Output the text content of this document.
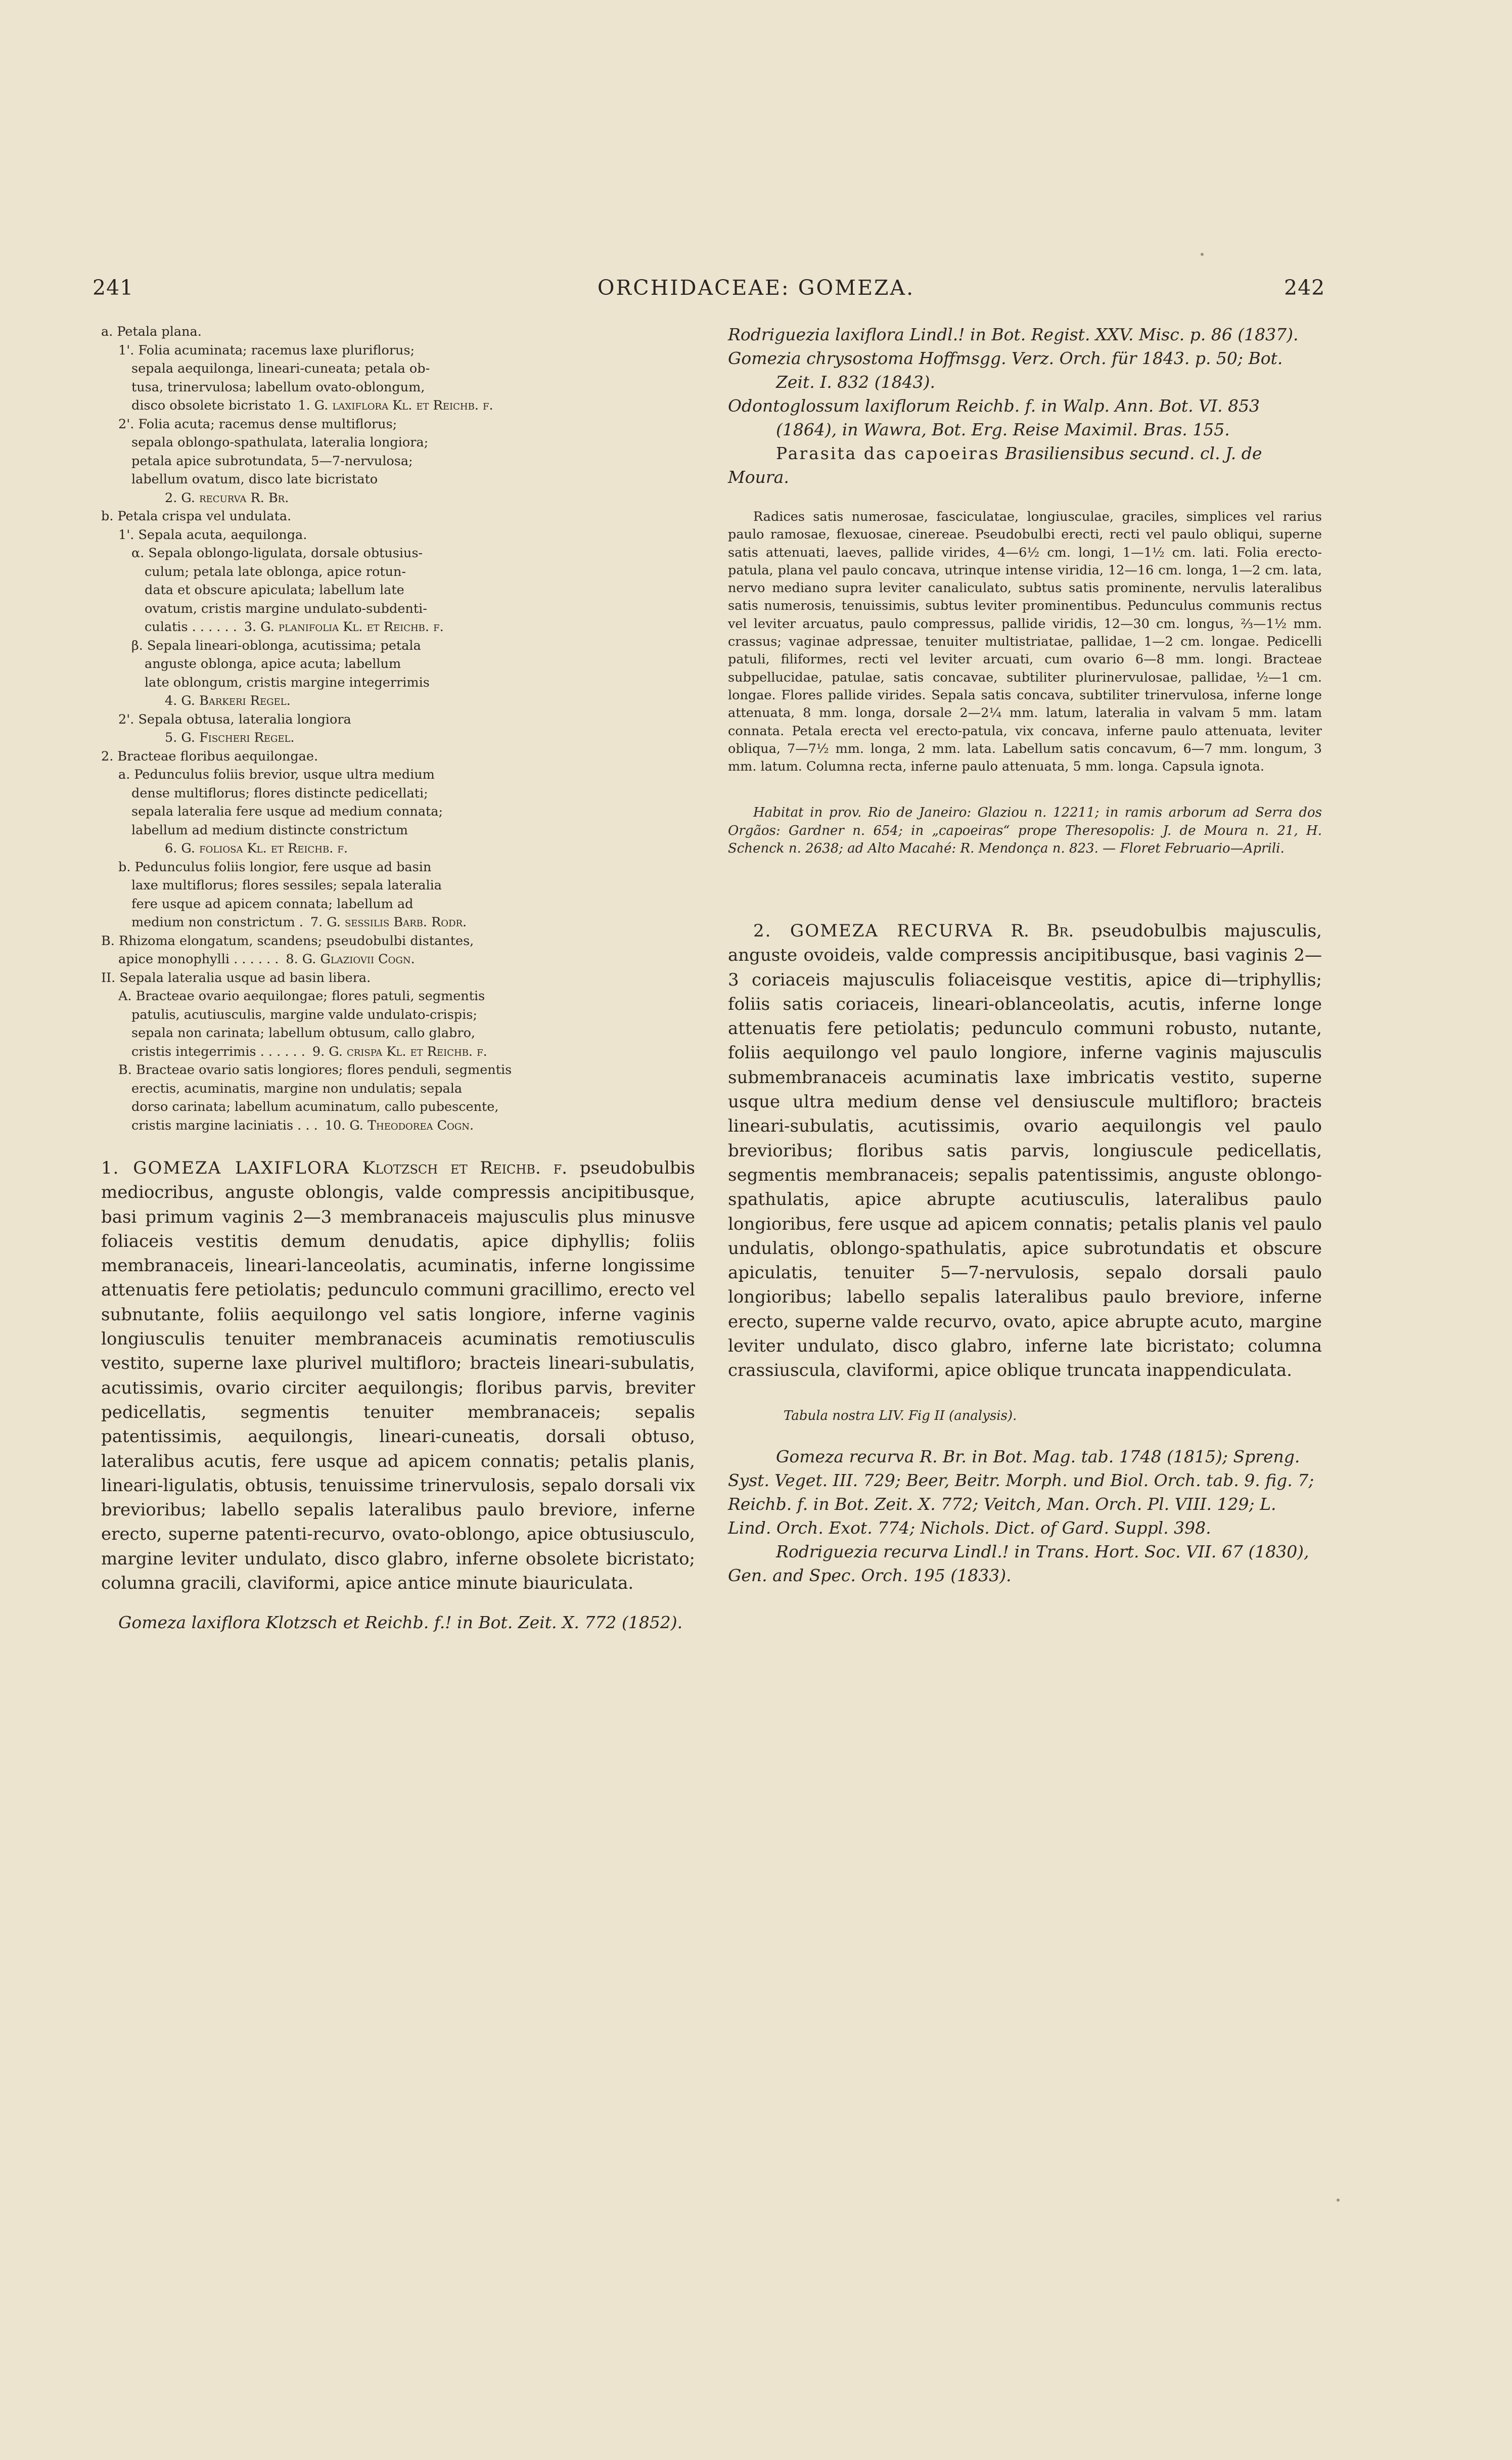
241	ORCHIDACEAE: GOMEZA.	242
a. Petala plana.
1'. Folia acuminata; racemus laxe pluriflorus;
sepala aequilonga, lineari-cuneata; petala ob-
tusa, trinervulosa; labellum ovato-oblongum,
disco obsolete bicristato 1. G. laxiflora Kl. et Reichb. f.
2'. Folia acuta; racemus dense multiflorus;
sepala oblongo-spathulata, lateralia longiora;
petala apice subrotundata, 5—7-nervulosa;
labellum ovatum, disco late bicristato
2. G. recurva R. Br.
b. Petala crispa vel undulata.
1'. Sepala acuta, aequilonga.
α. Sepala oblongo-ligulata, dorsale obtusius-
culum; petala late oblonga, apice rotun-
data et obscure apiculata; labellum late
ovatum, cristis margine undulato-subdenti-
culatis . . . . . . 3. G. planifolia Kl. et Reichb. f.
β. Sepala lineari-oblonga, acutissima; petala
anguste oblonga, apice acuta; labellum
late oblongum, cristis margine integerrimis
4. G. Barkeri Regel.
2'. Sepala obtusa, lateralia longiora
5. G. Fischeri Regel.
2. Bracteae floribus aequilongae.
a. Pedunculus foliis brevior, usque ultra medium
dense multiflorus; flores distincte pedicellati;
sepala lateralia fere usque ad medium connata;
labellum ad medium distincte constrictum
6. G. foliosa Kl. et Reichb. f.
b. Pedunculus foliis longior, fere usque ad basin
laxe multiflorus; flores sessiles; sepala lateralia
fere usque ad apicem connata; labellum ad
medium non constrictum . 7. G. sessilis Barb. Rodr.
B. Rhizoma elongatum, scandens; pseudobulbi distantes,
apice monophylli . . . . . . 8. G. Glaziovii Cogn.
II. Sepala lateralia usque ad basin libera.
A. Bracteae ovario aequilongae; flores patuli, segmentis
patulis, acutiusculis, margine valde undulato-crispis;
sepala non carinata; labellum obtusum, callo glabro,
cristis integerrimis . . . . . . 9. G. crispa Kl. et Reichb. f.
B. Bracteae ovario satis longiores; flores penduli, segmentis
erectis, acuminatis, margine non undulatis; sepala
dorso carinata; labellum acuminatum, callo pubescente,
cristis margine laciniatis . . . 10. G. Theodorea Cogn.
1. GOMEZA LAXIFLORA Klotzsch et Reichb. f. pseudobulbis mediocribus, anguste oblongis, valde compressis ancipitibusque, basi primum vaginis 2—3 membranaceis majusculis plus minusve foliaceis vestitis demum denudatis, apice diphyllis; foliis membranaceis, lineari-lanceolatis, acuminatis, inferne longissime attenuatis fere petiolatis; pedunculo communi gracillimo, erecto vel subnutante, foliis aequilongo vel satis longiore, inferne vaginis longiusculis tenuiter membranaceis acuminatis remotiusculis vestito, superne laxe plurivel multifloro; bracteis lineari-subulatis, acutissimis, ovario circiter aequilongis; floribus parvis, breviter pedicellatis, segmentis tenuiter membranaceis; sepalis patentissimis, aequilongis, lineari-cuneatis, dorsali obtuso, lateralibus acutis, fere usque ad apicem connatis; petalis planis, lineari-ligulatis, obtusis, tenuissime trinervulosis, sepalo dorsali vix brevioribus; labello sepalis lateralibus paulo breviore, inferne erecto, superne patenti-recurvo, ovato-oblongo, apice obtusiusculo, margine leviter undulato, disco glabro, inferne obsolete bicristato; columna gracili, claviformi, apice antice minute biauriculata.
Gomeza laxiflora Klotzsch et Reichb. f.! in Bot. Zeit. X. 772 (1852).

Rodriguezia laxiflora Lindl.! in Bot. Regist. XXV. Misc. p. 86 (1837).

Gomezia chrysostoma Hoffmsgg. Verz. Orch. für 1843. p. 50; Bot. Zeit. I. 832 (1843).

Odontoglossum laxiflorum Reichb. f. in Walp. Ann. Bot. VI. 853 (1864), in Wawra, Bot. Erg. Reise Maximil. Bras. 155.

Parasita das capoeiras Brasiliensibus secund. cl. J. de Moura.
Radices satis numerosae, fasciculatae, longiusculae, graciles, simplices vel rarius paulo ramosae, flexuosae, cinereae. Pseudobulbi erecti, recti vel paulo obliqui, superne satis attenuati, laeves, pallide virides, 4—6½ cm. longi, 1—1½ cm. lati. Folia erecto-patula, plana vel paulo concava, utrinque intense viridia, 12—16 cm. longa, 1—2 cm. lata, nervo mediano supra leviter canaliculato, subtus satis prominente, nervulis lateralibus satis numerosis, tenuissimis, subtus leviter prominentibus. Pedunculus communis rectus vel leviter arcuatus, paulo compressus, pallide viridis, 12—30 cm. longus, ⅔—1½ mm. crassus; vaginae adpressae, tenuiter multistriatae, pallidae, 1—2 cm. longae. Pedicelli patuli, filiformes, recti vel leviter arcuati, cum ovario 6—8 mm. longi. Bracteae subpellucidae, patulae, satis concavae, subtiliter plurinervulosae, pallidae, ½—1 cm. longae. Flores pallide virides. Sepala satis concava, subtiliter trinervulosa, inferne longe attenuata, 8 mm. longa, dorsale 2—2¼ mm. latum, lateralia in valvam 5 mm. latam connata. Petala erecta vel erecto-patula, vix concava, inferne paulo attenuata, leviter obliqua, 7—7½ mm. longa, 2 mm. lata. Labellum satis concavum, 6—7 mm. longum, 3 mm. latum. Columna recta, inferne paulo attenuata, 5 mm. longa. Capsula ignota.
Habitat in prov. Rio de Janeiro: Glaziou n. 12211; in ramis arborum ad Serra dos Orgãos: Gardner n. 654; in „capoeiras“ prope Theresopolis: J. de Moura n. 21, H. Schenck n. 2638; ad Alto Macahé: R. Mendonça n. 823. — Floret Februario—Aprili.
2. GOMEZA RECURVA R. Br. pseudobulbis majusculis, anguste ovoideis, valde compressis ancipitibusque, basi vaginis 2—3 coriaceis majusculis foliaceisque vestitis, apice di—triphyllis; foliis satis coriaceis, lineari-oblanceolatis, acutis, inferne longe attenuatis fere petiolatis; pedunculo communi robusto, nutante, foliis aequilongo vel paulo longiore, inferne vaginis majusculis submembranaceis acuminatis laxe imbricatis vestito, superne usque ultra medium dense vel densiuscule multifloro; bracteis lineari-subulatis, acutissimis, ovario aequilongis vel paulo brevioribus; floribus satis parvis, longiuscule pedicellatis, segmentis membranaceis; sepalis patentissimis, anguste oblongo-spathulatis, apice abrupte acutiusculis, lateralibus paulo longioribus, fere usque ad apicem connatis; petalis planis vel paulo undulatis, oblongo-spathulatis, apice subrotundatis et obscure apiculatis, tenuiter 5—7-nervulosis, sepalo dorsali paulo longioribus; labello sepalis lateralibus paulo breviore, inferne erecto, superne valde recurvo, ovato, apice abrupte acuto, margine leviter undulato, disco glabro, inferne late bicristato; columna crassiuscula, claviformi, apice oblique truncata inappendiculata.
Tabula nostra LIV. Fig II (analysis).

Gomeza recurva R. Br. in Bot. Mag. tab. 1748 (1815); Spreng. Syst. Veget. III. 729; Beer, Beitr. Morph. und Biol. Orch. tab. 9. fig. 7; Reichb. f. in Bot. Zeit. X. 772; Veitch, Man. Orch. Pl. VIII. 129; L. Lind. Orch. Exot. 774; Nichols. Dict. of Gard. Suppl. 398.

Rodriguezia recurva Lindl.! in Trans. Hort. Soc. VII. 67 (1830), Gen. and Spec. Orch. 195 (1833).
